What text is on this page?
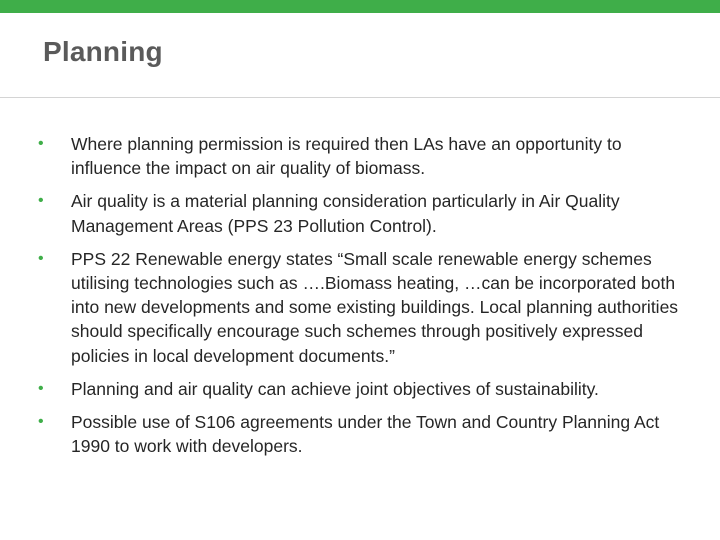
Planning
• Where planning permission is required then LAs have an opportunity to influence the impact on air quality of biomass.
• Air quality is a material planning consideration particularly in Air Quality Management Areas (PPS 23 Pollution Control).
• PPS 22 Renewable energy states “Small scale renewable energy schemes utilising technologies such as ….Biomass heating, …can be incorporated both into new developments and some existing buildings. Local planning authorities should specifically encourage such schemes through positively expressed policies in local development documents.”
• Planning and air quality can achieve joint objectives of sustainability.
• Possible use of S106 agreements under the Town and Country Planning Act 1990 to work with developers.
